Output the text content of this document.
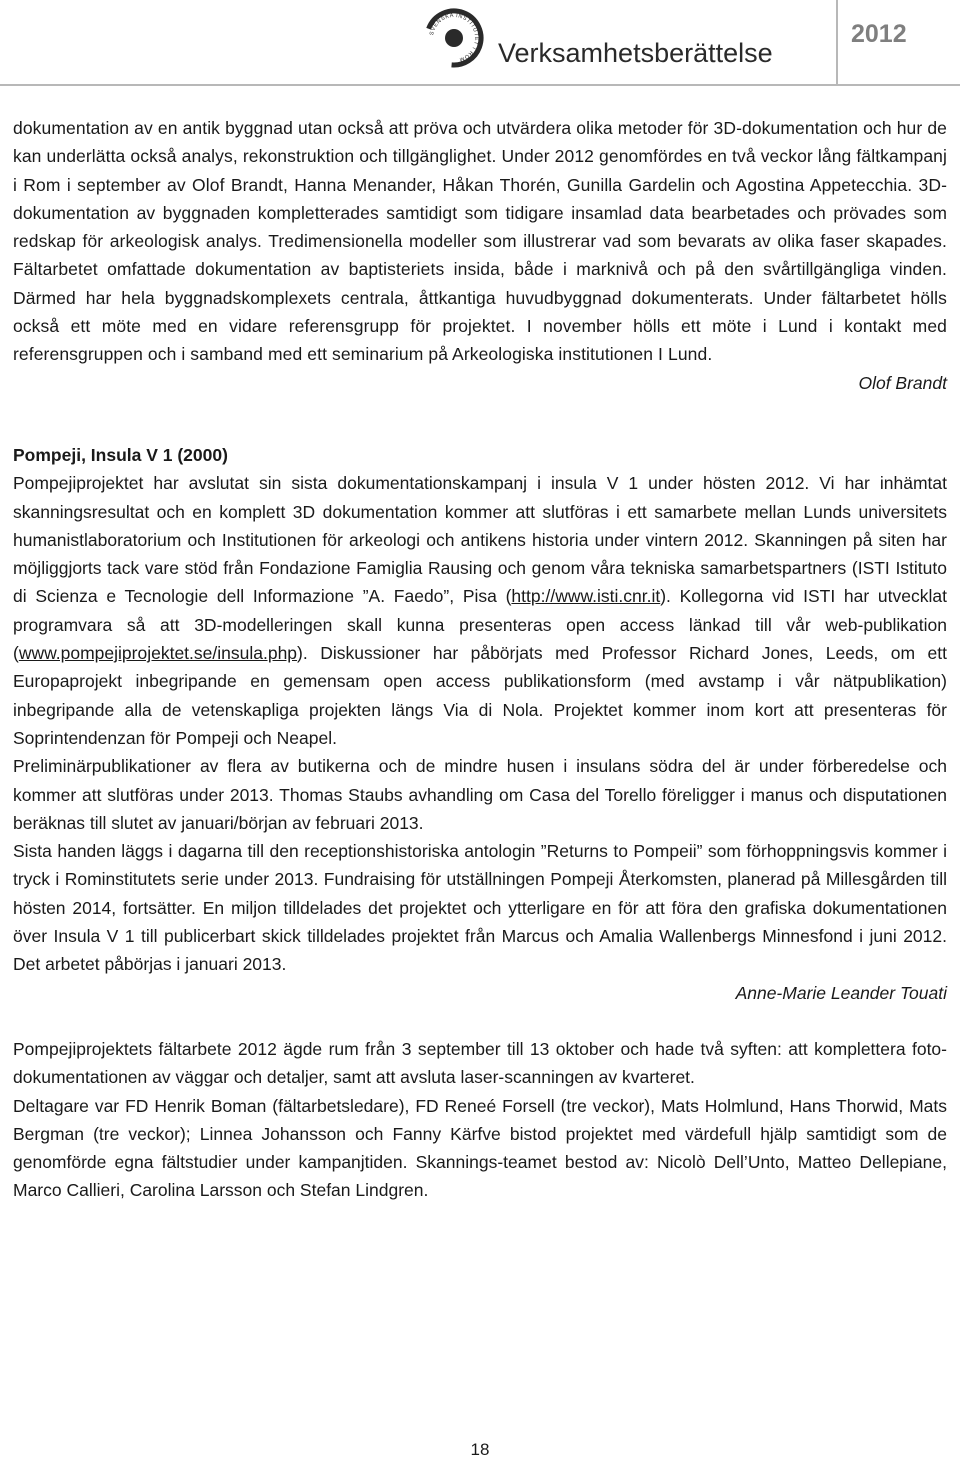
SVENSKA INSTITUTET I ROM	Verksamhetsberättelse
2012

dokumentation av en antik byggnad utan också att pröva och utvärdera olika metoder för 3D-dokumentation och hur de kan underlätta också analys, rekonstruktion och tillgänglighet. Under 2012 genomfördes en två veckor lång fältkampanj i Rom i september av Olof Brandt, Hanna Menander, Håkan Thorén, Gunilla Gardelin och Agostina Appetecchia. 3D-dokumentation av byggnaden kompletterades samtidigt som tidigare insamlad data bearbetades och prövades som redskap för arkeologisk analys. Tredimensionella modeller som illustrerar vad som bevarats av olika faser skapades. Fältarbetet omfattade dokumentation av baptisteriets insida, både i marknivå och på den svårtillgängliga vinden. Därmed har hela byggnadskomplexets centrala, åttkantiga huvudbyggnad dokumenterats. Under fältarbetet hölls också ett möte med en vidare referensgrupp för projektet. I november hölls ett möte i Lund i kontakt med referensgruppen och i samband med ett seminarium på Arkeologiska institutionen I Lund.

Olof Brandt

Pompeji, Insula V 1 (2000)

Pompejiprojektet har avslutat sin sista dokumentationskampanj i insula V 1 under hösten 2012. Vi har inhämtat skanningsresultat och en komplett 3D dokumentation kommer att slutföras i ett samarbete mellan Lunds universitets humanistlaboratorium och Institutionen för arkeologi och antikens historia under vintern 2012. Skanningen på siten har möjliggjorts tack vare stöd från Fondazione Famiglia Rausing och genom våra tekniska samarbetspartners (ISTI Istituto di Scienza e Tecnologie dell Informazione ”A. Faedo”, Pisa (http://www.isti.cnr.it). Kollegorna vid ISTI har utvecklat programvara så att 3D-modelleringen skall kunna presenteras open access länkad till vår web-publikation (www.pompejiprojektet.se/insula.php). Diskussioner har påbörjats med Professor Richard Jones, Leeds, om ett Europaprojekt inbegripande en gemensam open access publikationsform (med avstamp i vår nätpublikation) inbegripande alla de vetenskapliga projekten längs Via di Nola. Projektet kommer inom kort att presenteras för Soprintendenzan för Pompeji och Neapel.

Preliminärpublikationer av flera av butikerna och de mindre husen i insulans södra del är under förberedelse och kommer att slutföras under 2013. Thomas Staubs avhandling om Casa del Torello föreligger i manus och disputationen beräknas till slutet av januari/början av februari 2013.

Sista handen läggs i dagarna till den receptionshistoriska antologin ”Returns to Pompeii” som förhoppningsvis kommer i tryck i Rominstitutets serie under 2013. Fundraising för utställningen Pompeji Återkomsten, planerad på Millesgården till hösten 2014, fortsätter. En miljon tilldelades det projektet och ytterligare en för att föra den grafiska dokumentationen över Insula V 1 till publicerbart skick tilldelades projektet från Marcus och Amalia Wallenbergs Minnesfond i juni 2012. Det arbetet påbörjas i januari 2013.

Anne-Marie Leander Touati

Pompejiprojektets fältarbete 2012 ägde rum från 3 september till 13 oktober och hade två syften: att komplettera foto-dokumentationen av väggar och detaljer, samt att avsluta laser-scanningen av kvarteret.

Deltagare var FD Henrik Boman (fältarbetsledare), FD Reneé Forsell (tre veckor), Mats Holmlund, Hans Thorwid, Mats Bergman (tre veckor); Linnea Johansson och Fanny Kärfve bistod projektet med värdefull hjälp samtidigt som de genomförde egna fältstudier under kampanjtiden. Skannings-teamet bestod av: Nicolò Dell’Unto, Matteo Dellepiane, Marco Callieri, Carolina Larsson och Stefan Lindgren.

18
